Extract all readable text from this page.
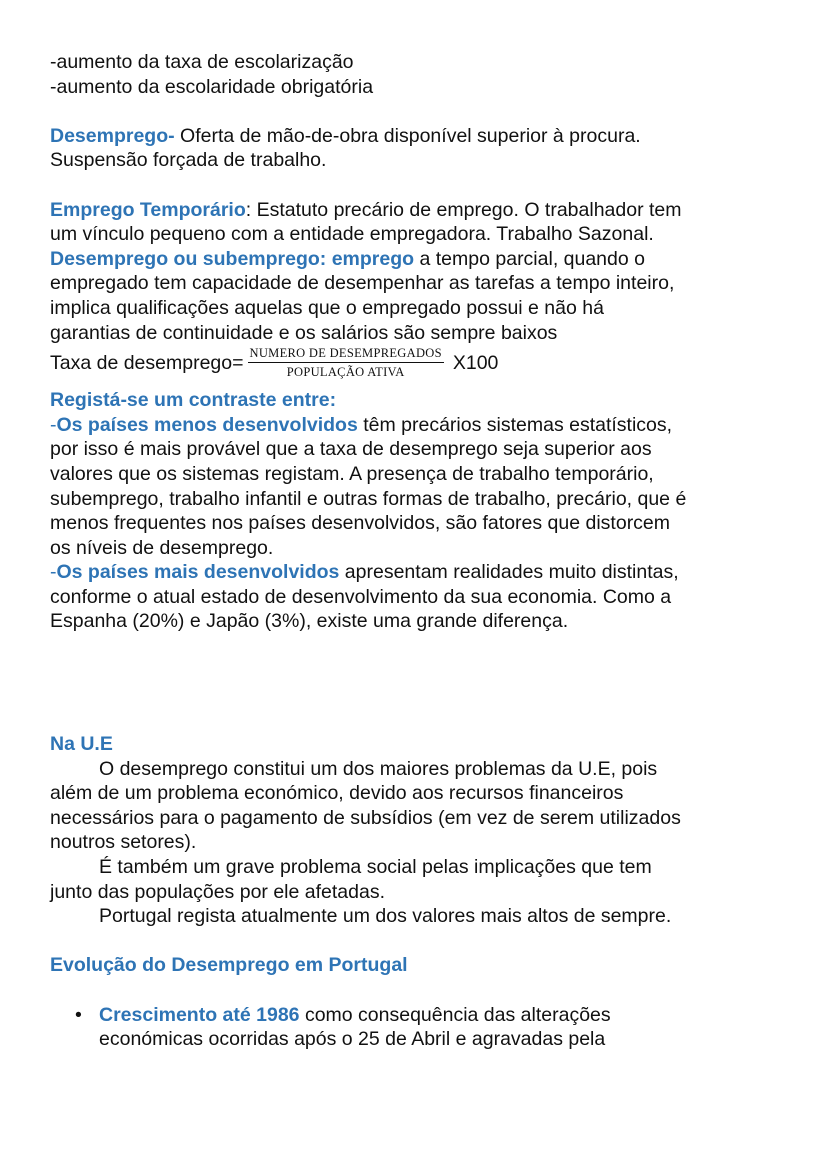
-aumento da taxa de escolarização
-aumento da escolaridade obrigatória
Desemprego- Oferta de mão-de-obra disponível superior à procura.
Suspensão forçada de trabalho.
Emprego Temporário: Estatuto precário de emprego. O trabalhador tem
um vínculo pequeno com a entidade empregadora. Trabalho Sazonal.
Desemprego ou subemprego: emprego a tempo parcial, quando o
empregado tem capacidade de desempenhar as tarefas a tempo inteiro,
implica qualificações aquelas que o empregado possui e não há
garantias de continuidade e os salários são sempre baixos
Taxa de desemprego= $\frac{\text{NUMERO DE DESEMPREGADOS}}{\text{POPULAÇÃO ATIVA}} X100$
Registá-se um contraste entre:
-Os países menos desenvolvidos têm precários sistemas estatísticos,
por isso é mais provável que a taxa de desemprego seja superior aos
valores que os sistemas registam. A presença de trabalho temporário,
subemprego, trabalho infantil e outras formas de trabalho, precário, que é
menos frequentes nos países desenvolvidos, são fatores que distorcem
os níveis de desemprego.
-Os países mais desenvolvidos apresentam realidades muito distintas,
conforme o atual estado de desenvolvimento da sua economia. Como a
Espanha (20%) e Japão (3%), existe uma grande diferença.
Na U.E
O desemprego constitui um dos maiores problemas da U.E, pois
além de um problema económico, devido aos recursos financeiros
necessários para o pagamento de subsídios (em vez de serem utilizados
noutros setores).
É também um grave problema social pelas implicações que tem
junto das populações por ele afetadas.
Portugal regista atualmente um dos valores mais altos de sempre.
Evolução do Desemprego em Portugal
• Crescimento até 1986 como consequência das alterações
económicas ocorridas após o 25 de Abril e agravadas pela
